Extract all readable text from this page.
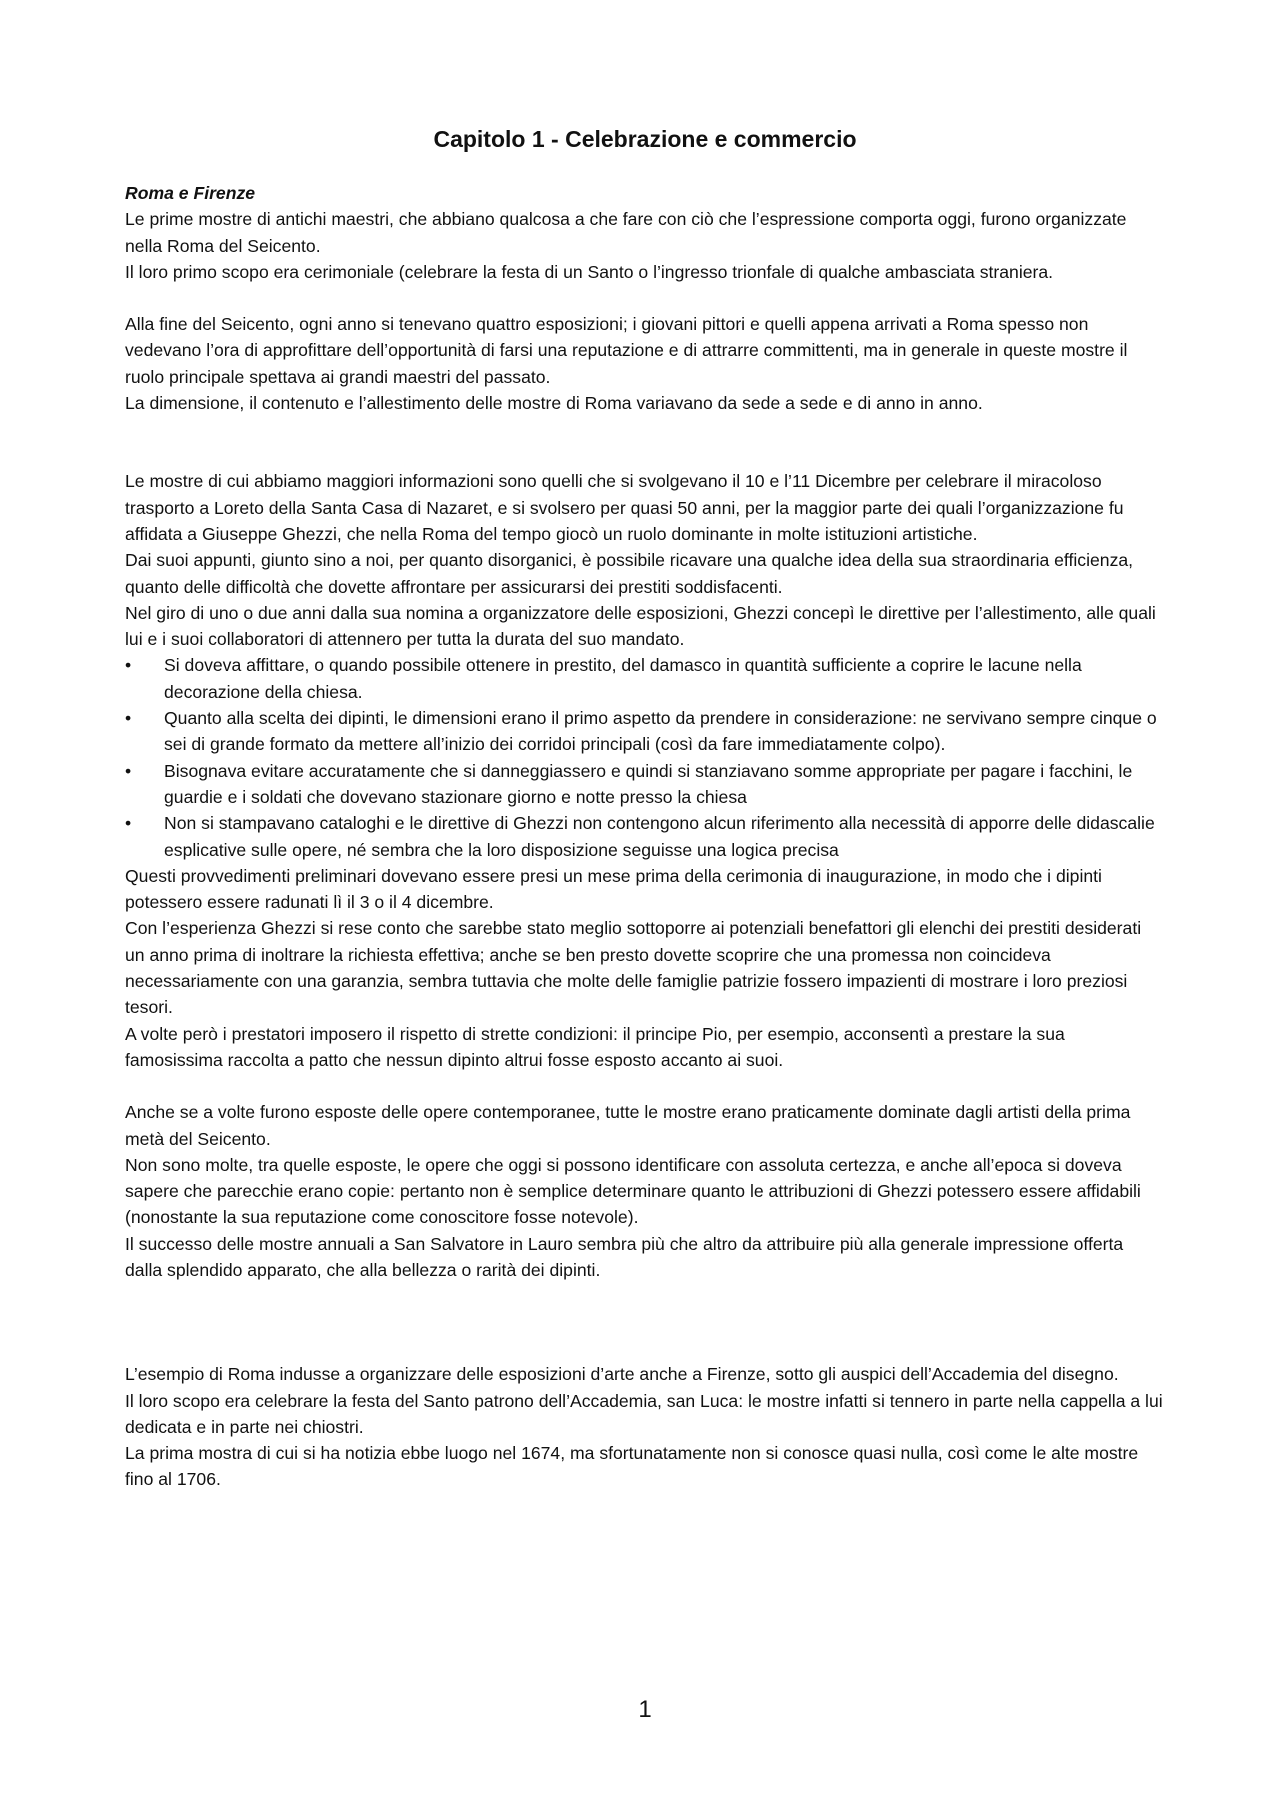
Capitolo 1 - Celebrazione e commercio

Roma e Firenze

Le prime mostre di antichi maestri, che abbiano qualcosa a che fare con ciò che l’espressione comporta oggi, furono organizzate nella Roma del Seicento.

Il loro primo scopo era cerimoniale (celebrare la festa di un Santo o l’ingresso trionfale di qualche ambasciata straniera.

Alla fine del Seicento, ogni anno si tenevano quattro esposizioni; i giovani pittori e quelli appena arrivati a Roma spesso non vedevano l’ora di approfittare dell’opportunità di farsi una reputazione e di attrarre committenti, ma in generale in queste mostre il ruolo principale spettava ai grandi maestri del passato.

La dimensione, il contenuto e l’allestimento delle mostre di Roma variavano da sede a sede e di anno in anno.

Le mostre di cui abbiamo maggiori informazioni sono quelli che si svolgevano il 10 e l’11 Dicembre per celebrare il miracoloso trasporto a Loreto della Santa Casa di Nazaret, e si svolsero per quasi 50 anni, per la maggior parte dei quali l’organizzazione fu affidata a Giuseppe Ghezzi, che nella Roma del tempo giocò un ruolo dominante in molte istituzioni artistiche.

Dai suoi appunti, giunto sino a noi, per quanto disorganici, è possibile ricavare una qualche idea della sua straordinaria efficienza, quanto delle difficoltà che dovette affrontare per assicurarsi dei prestiti soddisfacenti.

Nel giro di uno o due anni dalla sua nomina a organizzatore delle esposizioni, Ghezzi concepì le direttive per l’allestimento, alle quali lui e i suoi collaboratori di attennero per tutta la durata del suo mandato.

• Si doveva affittare, o quando possibile ottenere in prestito, del damasco in quantità sufficiente a coprire le lacune nella decorazione della chiesa.
• Quanto alla scelta dei dipinti, le dimensioni erano il primo aspetto da prendere in considerazione: ne servivano sempre cinque o sei di grande formato da mettere all’inizio dei corridoi principali (così da fare immediatamente colpo).
• Bisognava evitare accuratamente che si danneggiassero e quindi si stanziavano somme appropriate per pagare i facchini, le guardie e i soldati che dovevano stazionare giorno e notte presso la chiesa
• Non si stampavano cataloghi e le direttive di Ghezzi non contengono alcun riferimento alla necessità di apporre delle didascalie esplicative sulle opere, né sembra che la loro disposizione seguisse una logica precisa

Questi provvedimenti preliminari dovevano essere presi un mese prima della cerimonia di inaugurazione, in modo che i dipinti potessero essere radunati lì il 3 o il 4 dicembre.

Con l’esperienza Ghezzi si rese conto che sarebbe stato meglio sottoporre ai potenziali benefattori gli elenchi dei prestiti desiderati un anno prima di inoltrare la richiesta effettiva; anche se ben presto dovette scoprire che una promessa non coincideva necessariamente con una garanzia, sembra tuttavia che molte delle famiglie patrizie fossero impazienti di mostrare i loro preziosi tesori.

A volte però i prestatori imposero il rispetto di strette condizioni: il principe Pio, per esempio, acconsentì a prestare la sua famosissima raccolta a patto che nessun dipinto altrui fosse esposto accanto ai suoi.

Anche se a volte furono esposte delle opere contemporanee, tutte le mostre erano praticamente dominate dagli artisti della prima metà del Seicento.

Non sono molte, tra quelle esposte, le opere che oggi si possono identificare con assoluta certezza, e anche all’epoca si doveva sapere che parecchie erano copie: pertanto non è semplice determinare quanto le attribuzioni di Ghezzi potessero essere affidabili (nonostante la sua reputazione come conoscitore fosse notevole).

Il successo delle mostre annuali a San Salvatore in Lauro sembra più che altro da attribuire più alla generale impressione offerta dalla splendido apparato, che alla bellezza o rarità dei dipinti.

L’esempio di Roma indusse a organizzare delle esposizioni d’arte anche a Firenze, sotto gli auspici dell’Accademia del disegno.

Il loro scopo era celebrare la festa del Santo patrono dell’Accademia, san Luca: le mostre infatti si tennero in parte nella cappella a lui dedicata e in parte nei chiostri.

La prima mostra di cui si ha notizia ebbe luogo nel 1674, ma sfortunatamente non si conosce quasi nulla, così come le alte mostre fino al 1706.

1
